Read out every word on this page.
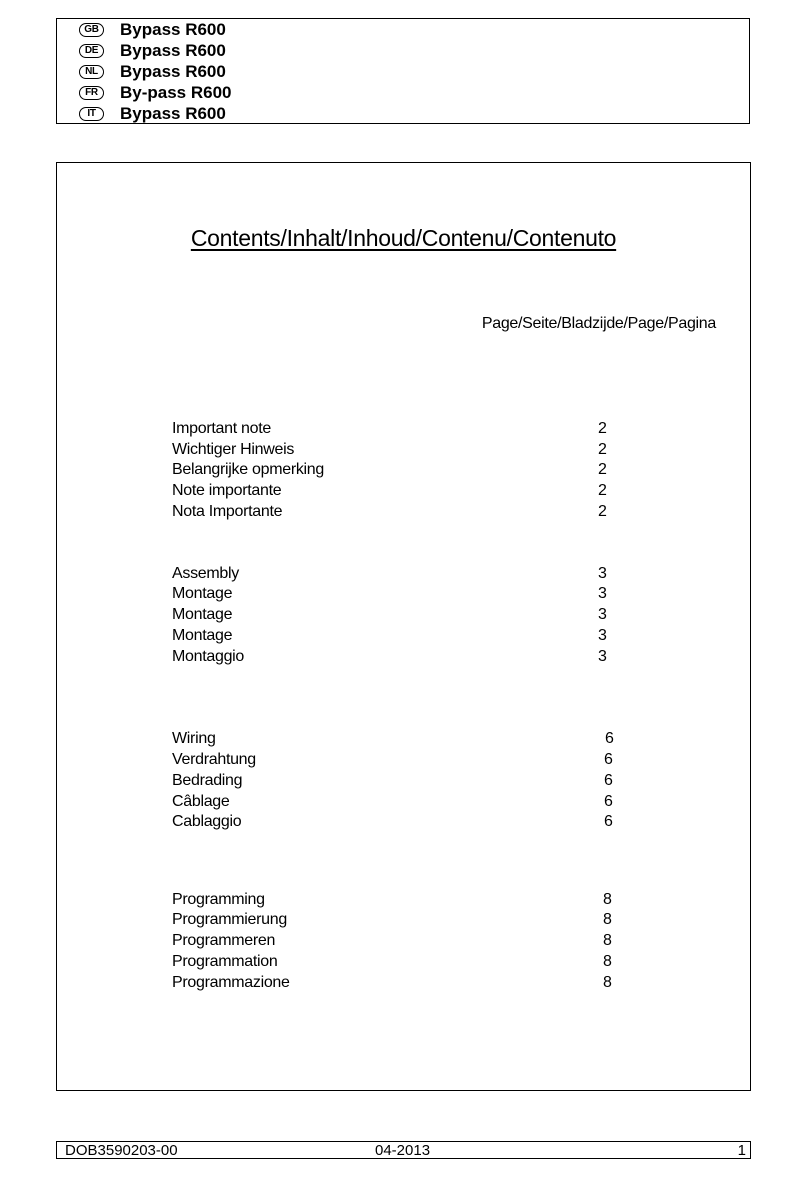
GB	Bypass R600
DE	Bypass R600
NL	Bypass R600
FR	By-pass R600
IT	Bypass R600
Contents/Inhalt/Inhoud/Contenu/Contenuto
Page/Seite/Bladzijde/Page/Pagina
Important note	2
Wichtiger Hinweis	2
Belangrijke opmerking	2
Note importante	2
Nota Importante	2
Assembly	3
Montage	3
Montage	3
Montage	3
Montaggio	3
Wiring	6
Verdrahtung	6
Bedrading	6
Câblage	6
Cablaggio	6
Programming	8
Programmierung	8
Programmeren	8
Programmation	8
Programmazione	8
DOB3590203-00	04-2013	1
